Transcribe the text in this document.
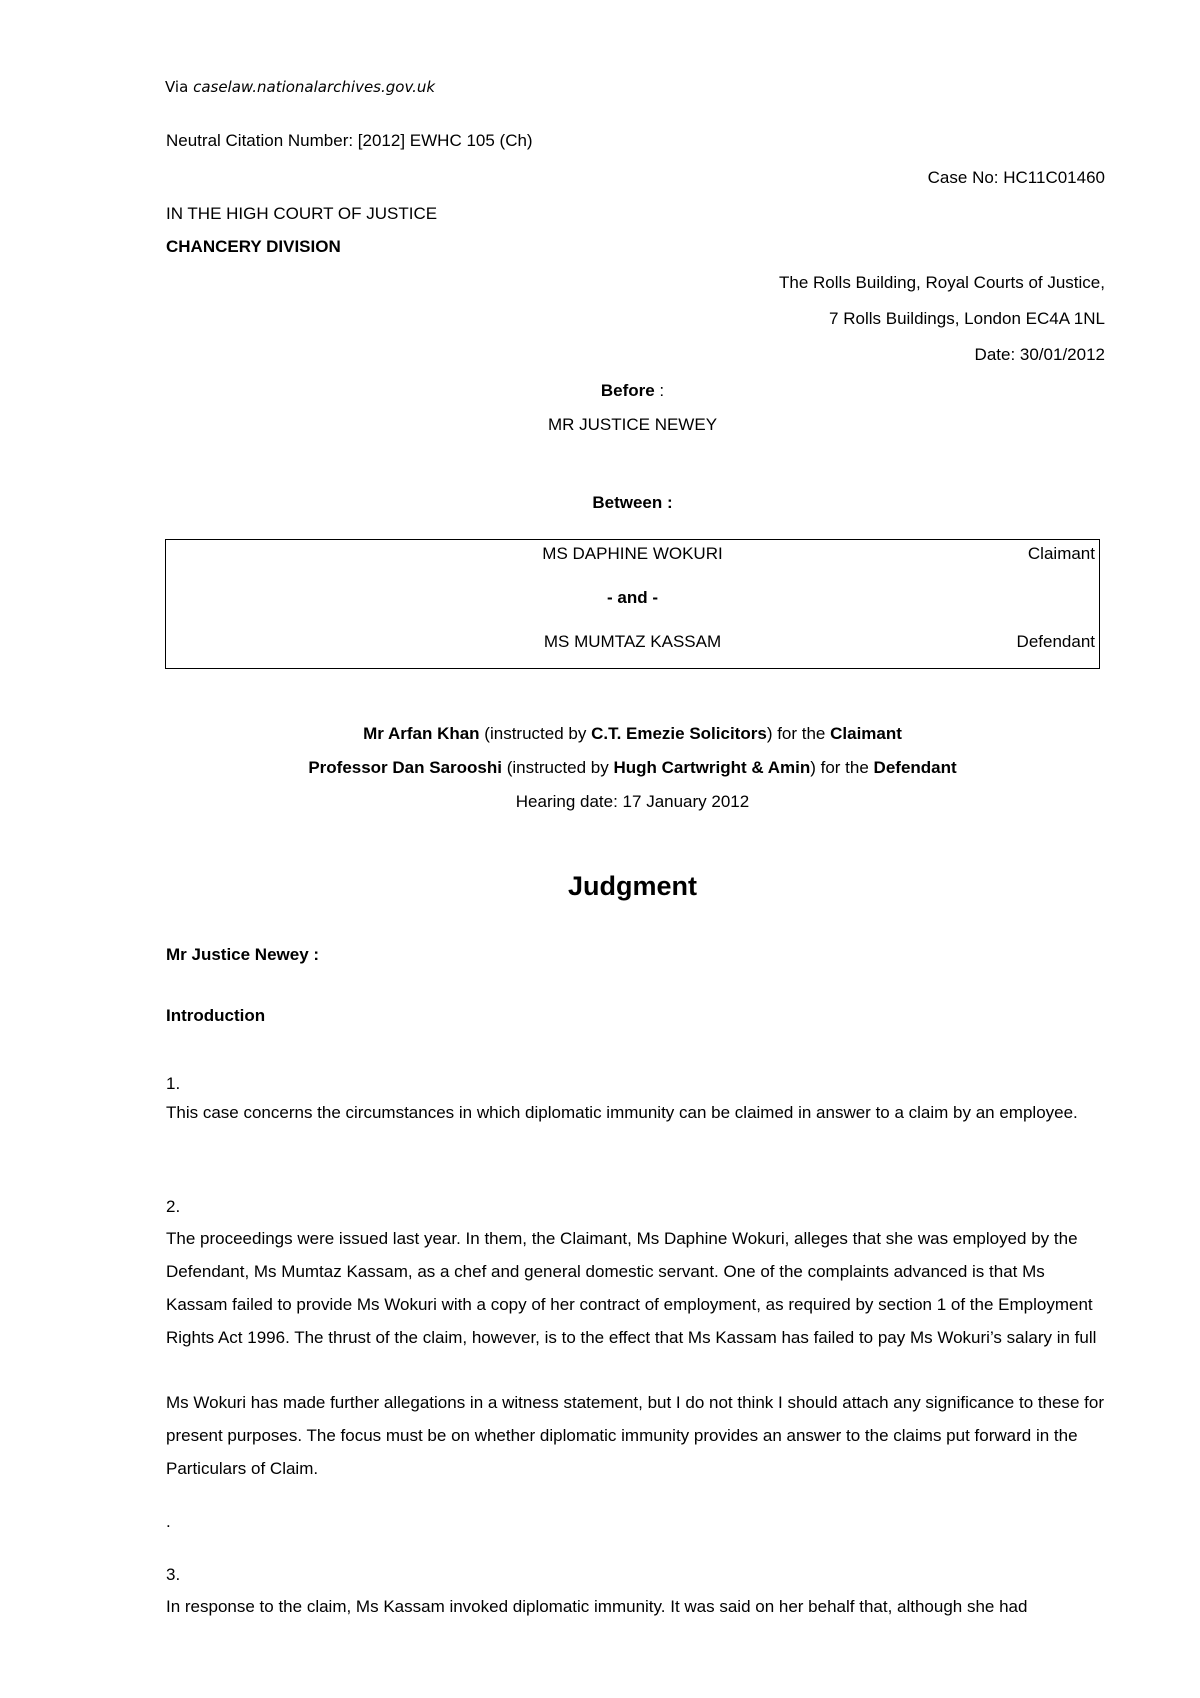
Via caselaw.nationalarchives.gov.uk
Neutral Citation Number: [2012] EWHC 105 (Ch)
Case No: HC11C01460
IN THE HIGH COURT OF JUSTICE
CHANCERY DIVISION
The Rolls Building, Royal Courts of Justice,
7 Rolls Buildings, London EC4A 1NL
Date: 30/01/2012
Before :
MR JUSTICE NEWEY
Between :
MS DAPHINE WOKURI	Claimant
- and -
MS MUMTAZ KASSAM	Defendant
Mr Arfan Khan (instructed by C.T. Emezie Solicitors) for the Claimant
Professor Dan Sarooshi (instructed by Hugh Cartwright & Amin) for the Defendant
Hearing date: 17 January 2012
Judgment
Mr Justice Newey :
Introduction
1.
This case concerns the circumstances in which diplomatic immunity can be claimed in answer to a claim by an employee.
2.
The proceedings were issued last year. In them, the Claimant, Ms Daphine Wokuri, alleges that she was employed by the Defendant, Ms Mumtaz Kassam, as a chef and general domestic servant. One of the complaints advanced is that Ms Kassam failed to provide Ms Wokuri with a copy of her contract of employment, as required by section 1 of the Employment Rights Act 1996. The thrust of the claim, however, is to the effect that Ms Kassam has failed to pay Ms Wokuri’s salary in full
Ms Wokuri has made further allegations in a witness statement, but I do not think I should attach any significance to these for present purposes. The focus must be on whether diplomatic immunity provides an answer to the claims put forward in the Particulars of Claim.
.
3.
In response to the claim, Ms Kassam invoked diplomatic immunity. It was said on her behalf that, although she had
